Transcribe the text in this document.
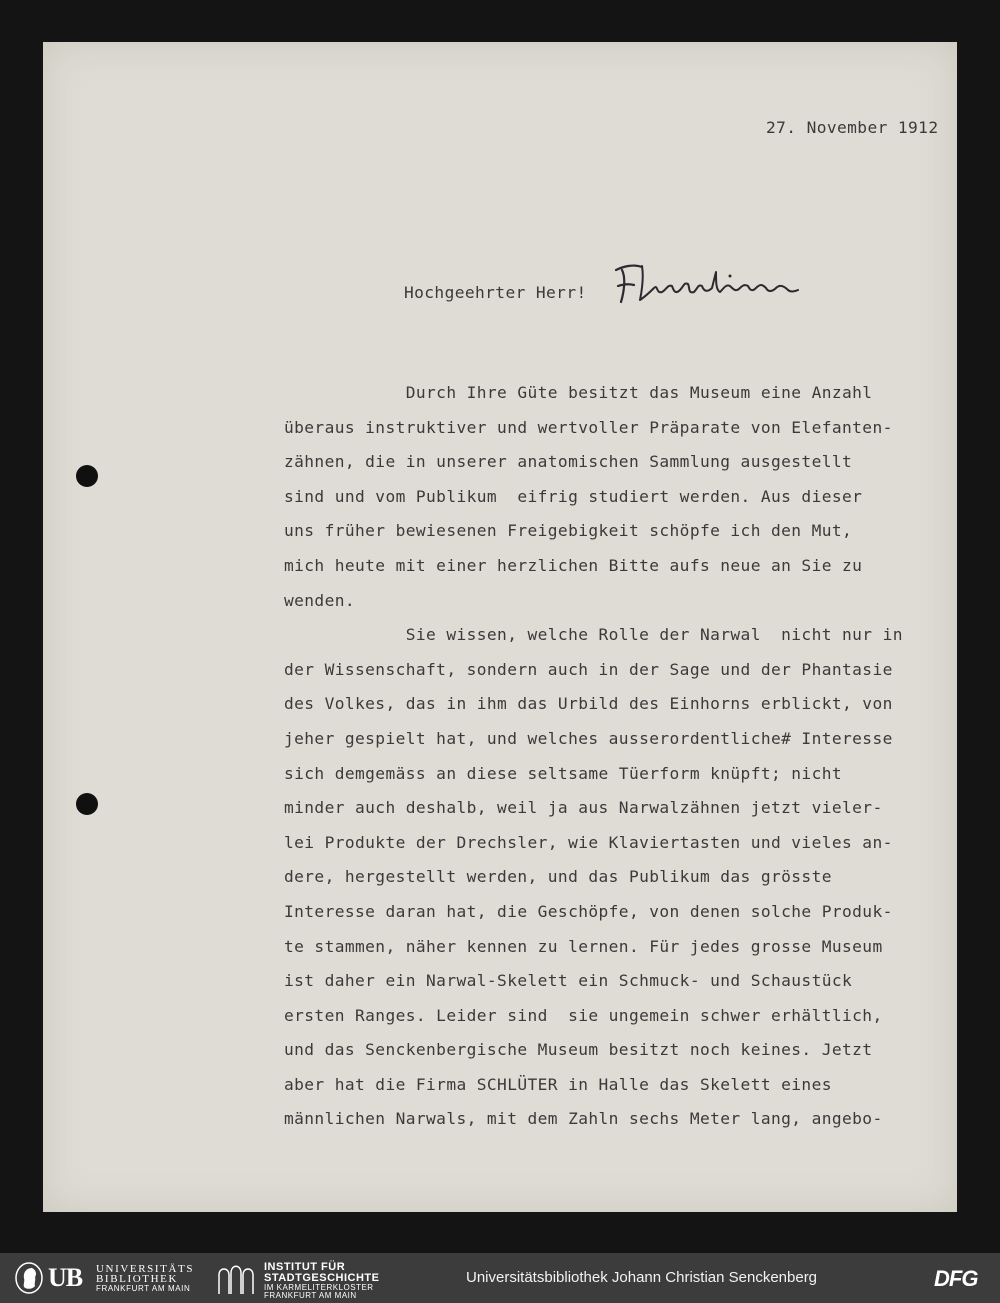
27. November 1912
Hochgeehrter Herr!
Durch Ihre Güte besitzt das Museum eine Anzahl
überaus instruktiver und wertvoller Präparate von Elefanten-
zähnen, die in unserer anatomischen Sammlung ausgestellt
sind und vom Publikum  eifrig studiert werden. Aus dieser
uns früher bewiesenen Freigebigkeit schöpfe ich den Mut,
mich heute mit einer herzlichen Bitte aufs neue an Sie zu
wenden.
Sie wissen, welche Rolle der Narwal  nicht nur in
der Wissenschaft, sondern auch in der Sage und der Phantasie
des Volkes, das in ihm das Urbild des Einhorns erblickt, von
jeher gespielt hat, und welches ausserordentliche# Interesse
sich demgemäss an diese seltsame Tüerform knüpft; nicht
minder auch deshalb, weil ja aus Narwalzähnen jetzt vieler-
lei Produkte der Drechsler, wie Klaviertasten und vieles an-
dere, hergestellt werden, und das Publikum das grösste
Interesse daran hat, die Geschöpfe, von denen solche Produk-
te stammen, näher kennen zu lernen. Für jedes grosse Museum
ist daher ein Narwal-Skelett ein Schmuck- und Schaustück
ersten Ranges. Leider sind  sie ungemein schwer erhältlich,
und das Senckenbergische Museum besitzt noch keines. Jetzt
aber hat die Firma SCHLÜTER in Halle das Skelett eines
männlichen Narwals, mit dem Zahln sechs Meter lang, angebo-
UB UNIVERSITÄTS
BIBLIOTHEK
FRANKFURT AM MAIN
INSTITUT FÜR
STADTGESCHICHTE
IM KARMELITERKLOSTER
FRANKFURT AM MAIN
Universitätsbibliothek Johann Christian Senckenberg	DFG
